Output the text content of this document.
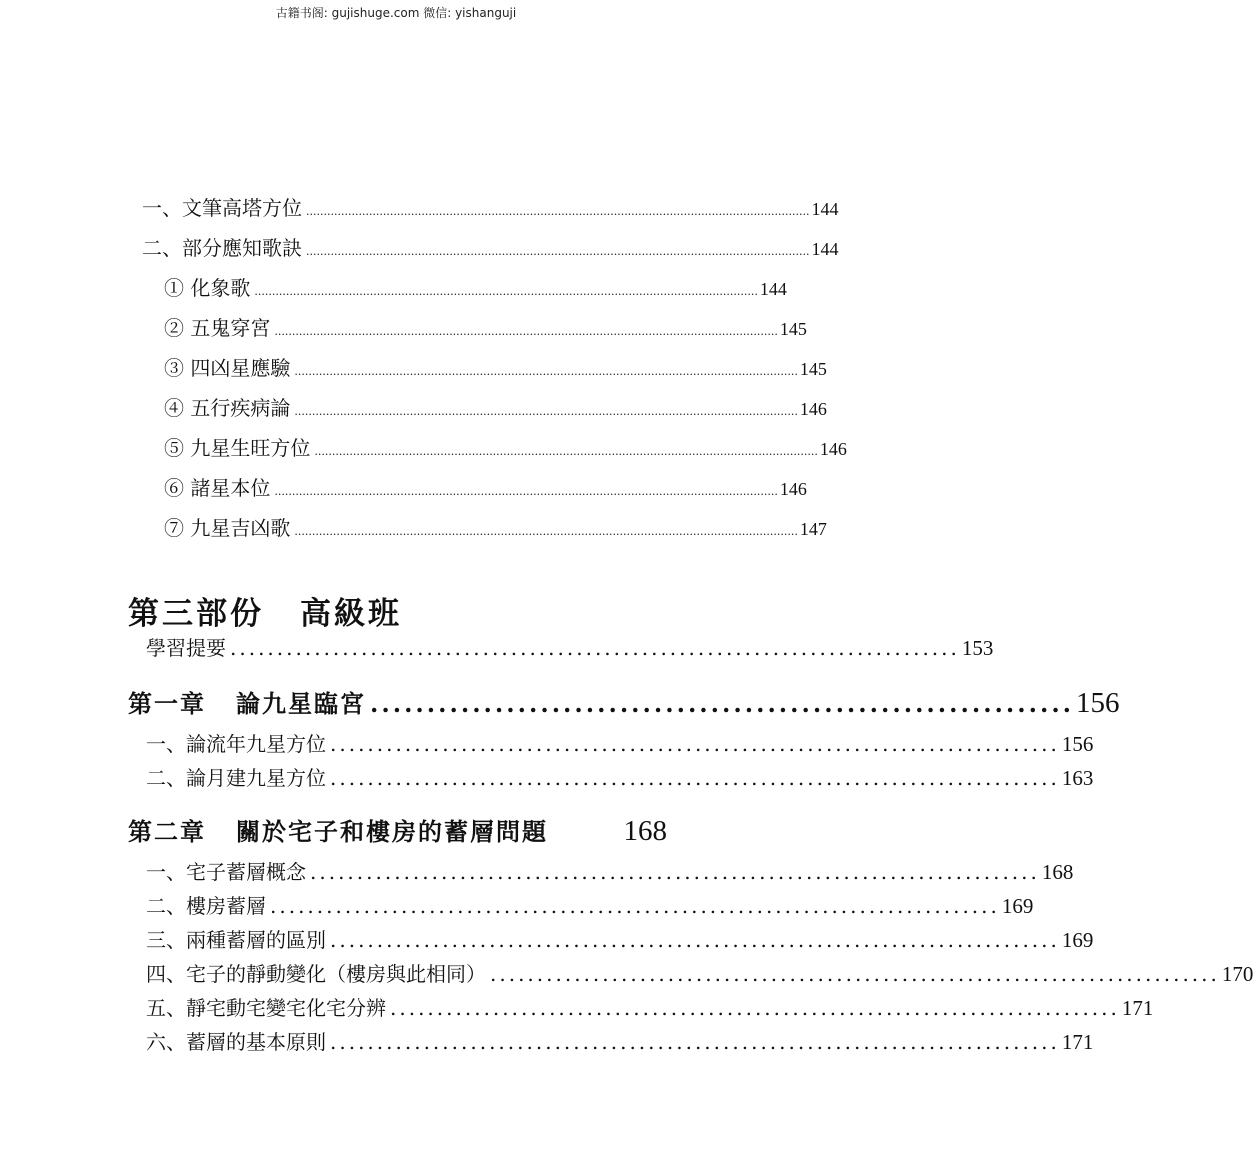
古籍书阁: gujishuge.com 微信: yishanguji
一、文筆高塔方位 ................................................................................................................................................ 144
二、部分應知歌訣 ................................................................................................................................................ 144
① 化象歌 ................................................................................................................................................ 144
② 五鬼穿宮 ................................................................................................................................................ 145
③ 四凶星應驗 ................................................................................................................................................ 145
④ 五行疾病論 ................................................................................................................................................ 146
⑤ 九星生旺方位 ................................................................................................................................................ 146
⑥ 諸星本位 ................................................................................................................................................ 146
⑦ 九星吉凶歌 ................................................................................................................................................ 147
第三部份 高級班
學習提要 .............................................................................. 153
第一章 論九星臨宮 .............................................................. 156
一、論流年九星方位 .............................................................................. 156
二、論月建九星方位 .............................................................................. 163
第二章 關於宅子和樓房的蓄層問題	168
一、宅子蓄層概念 .............................................................................. 168
二、樓房蓄層 .............................................................................. 169
三、兩種蓄層的區別 .............................................................................. 169
四、宅子的靜動變化（樓房與此相同） .............................................................................. 170
五、靜宅動宅變宅化宅分辨 .............................................................................. 171
六、蓄層的基本原則 .............................................................................. 171
